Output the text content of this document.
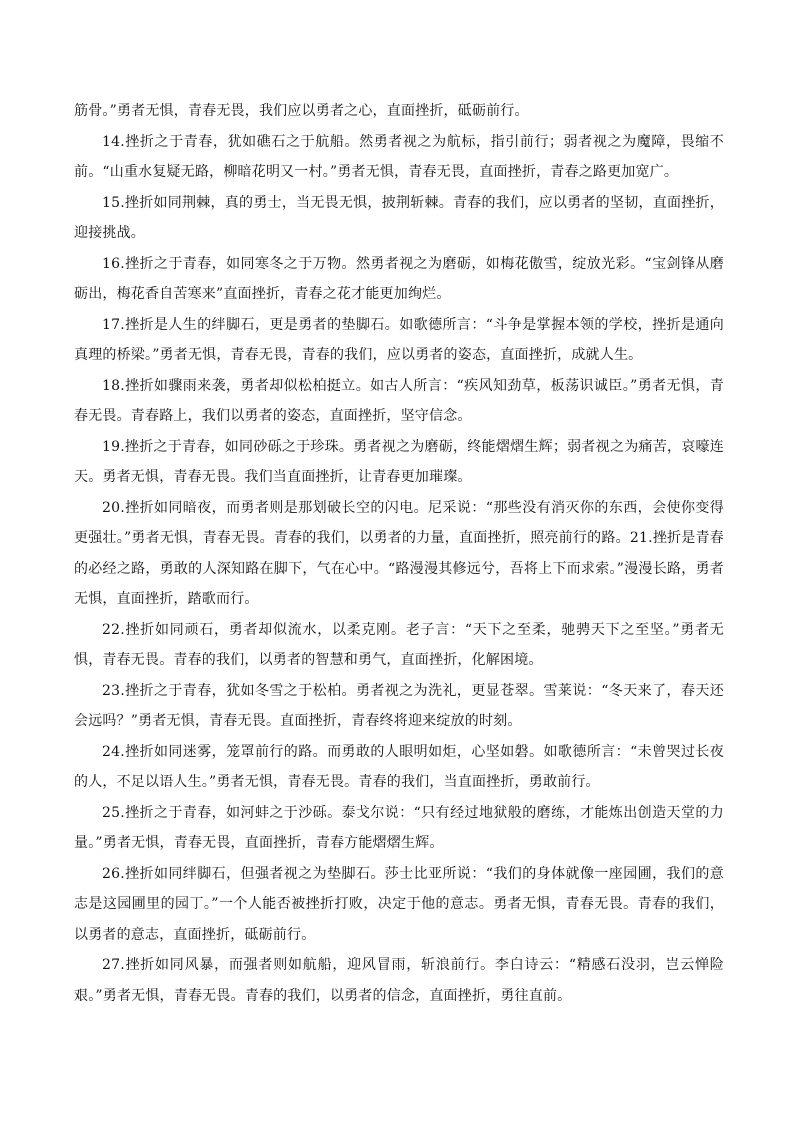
筋骨。”勇者无惧，青春无畏，我们应以勇者之心，直面挫折，砥砺前行。

14.挫折之于青春，犹如礁石之于航船。然勇者视之为航标，指引前行；弱者视之为魔障，畏缩不前。“山重水复疑无路，柳暗花明又一村。”勇者无惧，青春无畏，直面挫折，青春之路更加宽广。

15.挫折如同荆棘，真的勇士，当无畏无惧，披荆斩棘。青春的我们，应以勇者的坚韧，直面挫折，迎接挑战。

16.挫折之于青春，如同寒冬之于万物。然勇者视之为磨砺，如梅花傲雪，绽放光彩。“宝剑锋从磨砺出，梅花香自苦寒来”直面挫折，青春之花才能更加绚烂。

17.挫折是人生的绊脚石，更是勇者的垫脚石。如歌德所言：“斗争是掌握本领的学校，挫折是通向真理的桥梁。”勇者无惧，青春无畏，青春的我们，应以勇者的姿态，直面挫折，成就人生。

18.挫折如骤雨来袭，勇者却似松柏挺立。如古人所言：“疾风知劲草，板荡识诚臣。”勇者无惧，青春无畏。青春路上，我们以勇者的姿态，直面挫折，坚守信念。

19.挫折之于青春，如同砂砾之于珍珠。勇者视之为磨砺，终能熠熠生辉；弱者视之为痛苦，哀嚎连天。勇者无惧，青春无畏。我们当直面挫折，让青春更加璀璨。

20.挫折如同暗夜，而勇者则是那划破长空的闪电。尼采说：“那些没有消灭你的东西，会使你变得更强壮。”勇者无惧，青春无畏。青春的我们，以勇者的力量，直面挫折，照亮前行的路。21.挫折是青春的必经之路，勇敢的人深知路在脚下，气在心中。“路漫漫其修远兮，吾将上下而求索。”漫漫长路，勇者无惧，直面挫折，踏歌而行。

22.挫折如同顽石，勇者却似流水，以柔克刚。老子言：“天下之至柔，驰骋天下之至坚。”勇者无惧，青春无畏。青春的我们，以勇者的智慧和勇气，直面挫折，化解困境。

23.挫折之于青春，犹如冬雪之于松柏。勇者视之为洗礼，更显苍翠。雪莱说：“冬天来了，春天还会远吗？”勇者无惧，青春无畏。直面挫折，青春终将迎来绽放的时刻。

24.挫折如同迷雾，笼罩前行的路。而勇敢的人眼明如炬，心坚如磐。如歌德所言：“未曾哭过长夜的人，不足以语人生。”勇者无惧，青春无畏。青春的我们，当直面挫折，勇敢前行。

25.挫折之于青春，如河蚌之于沙砾。泰戈尔说：“只有经过地狱般的磨练，才能炼出创造天堂的力量。”勇者无惧，青春无畏，直面挫折，青春方能熠熠生辉。

26.挫折如同绊脚石，但强者视之为垫脚石。莎士比亚所说：“我们的身体就像一座园圃，我们的意志是这园圃里的园丁。”一个人能否被挫折打败，决定于他的意志。勇者无惧，青春无畏。青春的我们，以勇者的意志，直面挫折，砥砺前行。

27.挫折如同风暴，而强者则如航船，迎风冒雨，斩浪前行。李白诗云：“精感石没羽，岂云惮险艰。”勇者无惧，青春无畏。青春的我们，以勇者的信念，直面挫折，勇往直前。
